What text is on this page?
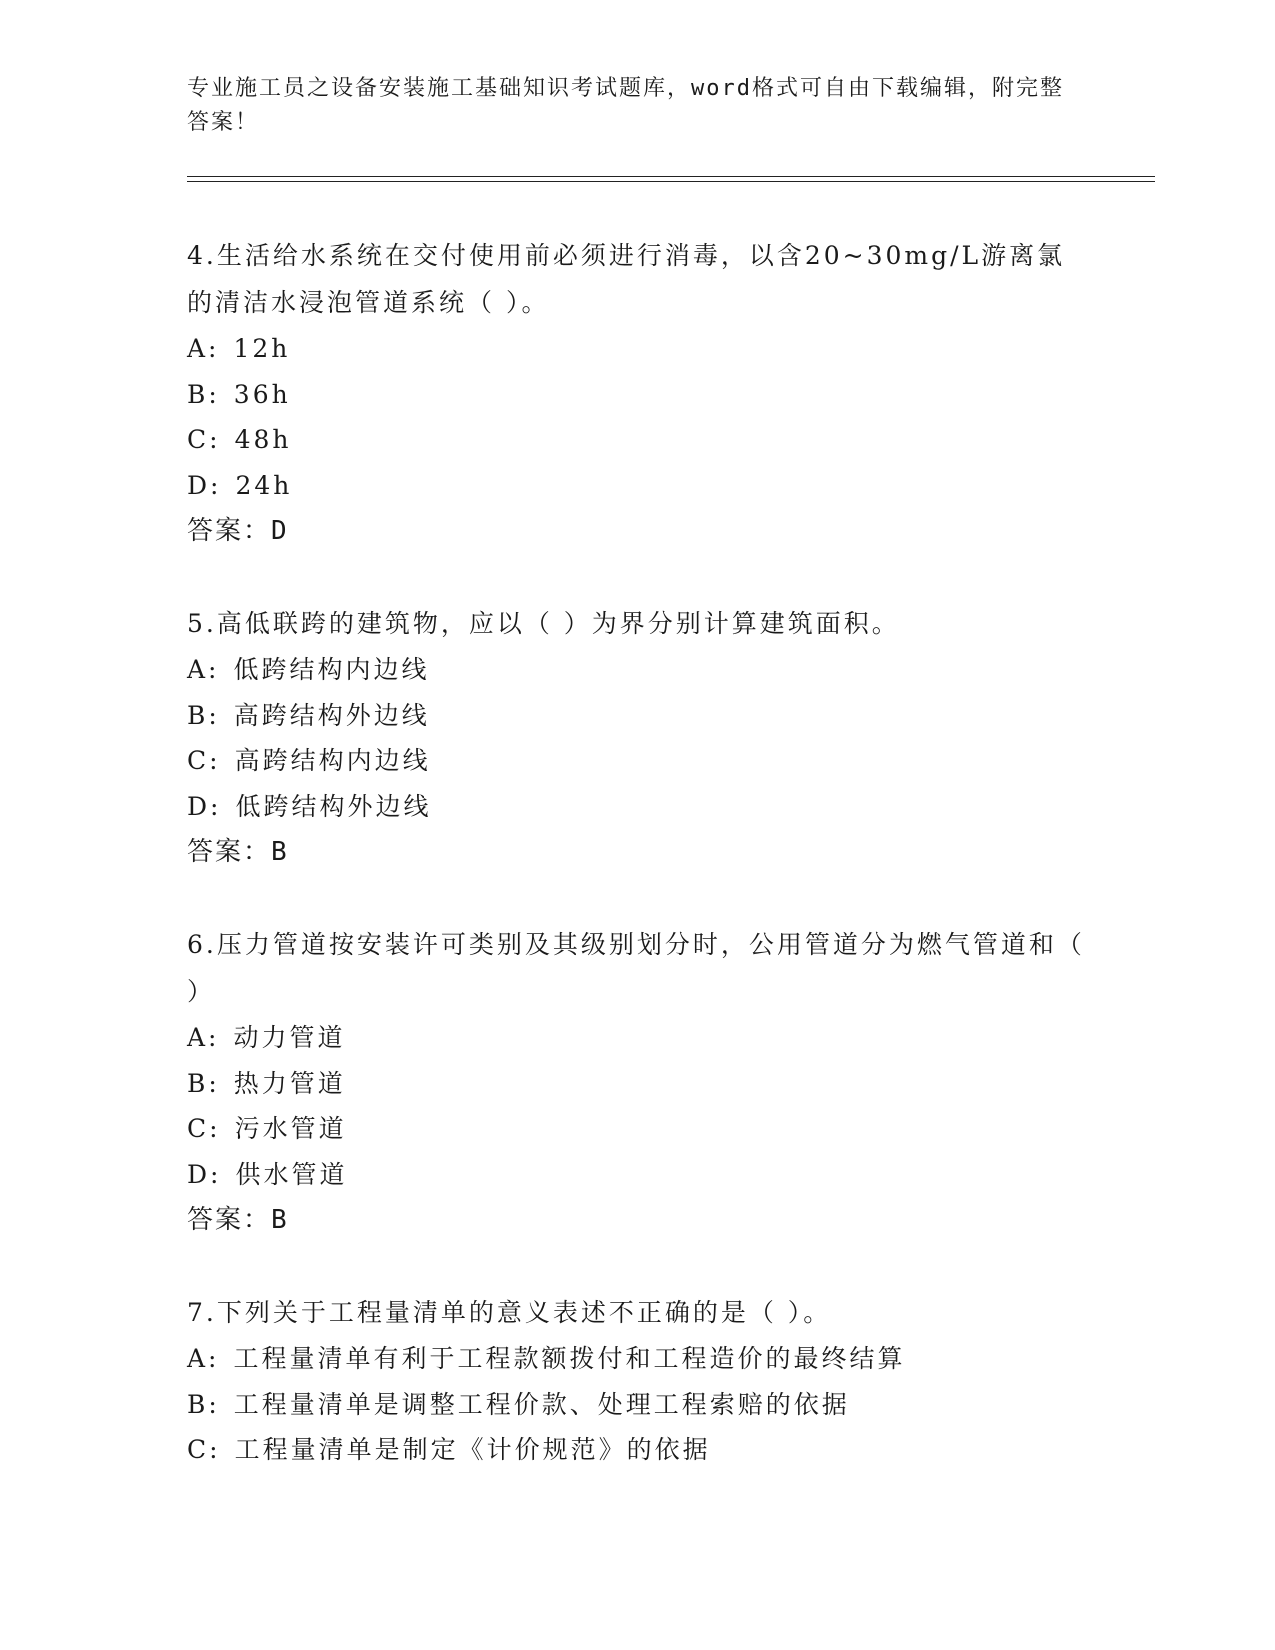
专业施工员之设备安装施工基础知识考试题库，word格式可自由下载编辑，附完整答案！
4.生活给水系统在交付使用前必须进行消毒，以含20~30mg/L游离氯的清洁水浸泡管道系统（ ）。
A: 12h
B: 36h
C: 48h
D: 24h
答案：D
5.高低联跨的建筑物，应以（ ）为界分别计算建筑面积。
A: 低跨结构内边线
B: 高跨结构外边线
C: 高跨结构内边线
D: 低跨结构外边线
答案：B
6.压力管道按安装许可类别及其级别划分时，公用管道分为燃气管道和（ ）
A: 动力管道
B: 热力管道
C: 污水管道
D: 供水管道
答案：B
7.下列关于工程量清单的意义表述不正确的是（ ）。
A: 工程量清单有利于工程款额拨付和工程造价的最终结算
B: 工程量清单是调整工程价款、处理工程索赔的依据
C: 工程量清单是制定《计价规范》的依据
